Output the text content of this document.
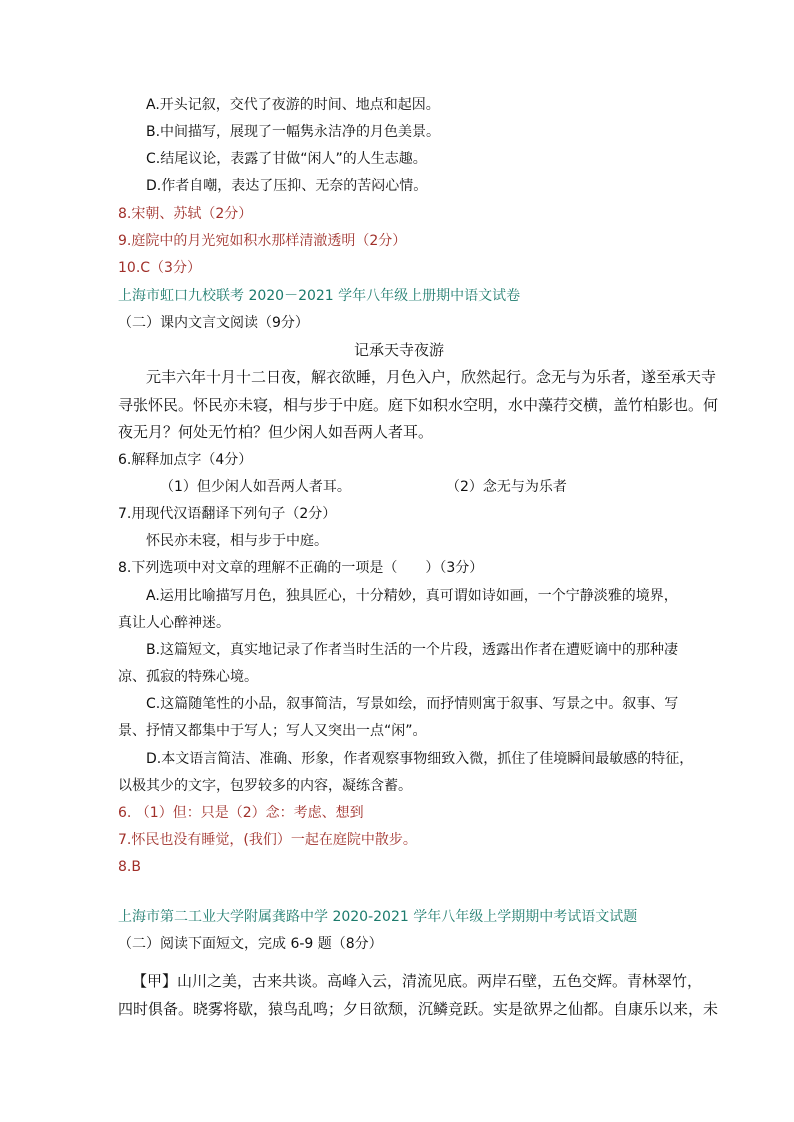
A.开头记叙，交代了夜游的时间、地点和起因。
B.中间描写，展现了一幅隽永洁净的月色美景。
C.结尾议论，表露了甘做“闲人”的人生志趣。
D.作者自嘲，表达了压抑、无奈的苦闷心情。
8.宋朝、苏轼（2分）
9.庭院中的月光宛如积水那样清澈透明（2分）
10.C（3分）
上海市虹口九校联考 2020－2021 学年八年级上册期中语文试卷
（二）课内文言文阅读（9分）
记承天寺夜游
元丰六年十月十二日夜，解衣欲睡，月色入户，欣然起行。念无与为乐者，遂至承天寺
寻张怀民。怀民亦未寝，相与步于中庭。庭下如积水空明，水中藻荇交横，盖竹柏影也。何
夜无月？何处无竹柏？但少闲人如吾两人者耳。
6.解释加点字（4分）
（1）但少闲人如吾两人者耳。	（2）念无与为乐者
7.用现代汉语翻译下列句子（2分）
怀民亦未寝，相与步于中庭。
8.下列选项中对文章的理解不正确的一项是（　　）（3分）
A.运用比喻描写月色，独具匠心，十分精妙，真可谓如诗如画，一个宁静淡雅的境界，
真让人心醉神迷。
B.这篇短文，真实地记录了作者当时生活的一个片段，透露出作者在遭贬谪中的那种凄
凉、孤寂的特殊心境。
C.这篇随笔性的小品，叙事简洁，写景如绘，而抒情则寓于叙事、写景之中。叙事、写
景、抒情又都集中于写人；写人又突出一点“闲”。
D.本文语言简洁、准确、形象，作者观察事物细致入微，抓住了佳境瞬间最敏感的特征，
以极其少的文字，包罗较多的内容，凝练含蓄。
6. （1）但：只是（2）念：考虑、想到
7.怀民也没有睡觉，(我们）一起在庭院中散步。
8.B
上海市第二工业大学附属龚路中学 2020-2021 学年八年级上学期期中考试语文试题
（二）阅读下面短文，完成 6-9 题（8分）
【甲】山川之美，古来共谈。高峰入云，清流见底。两岸石壁，五色交辉。青林翠竹，
四时俱备。晓雾将歇，猿鸟乱鸣；夕日欲颓，沉鳞竞跃。实是欲界之仙都。自康乐以来，未
